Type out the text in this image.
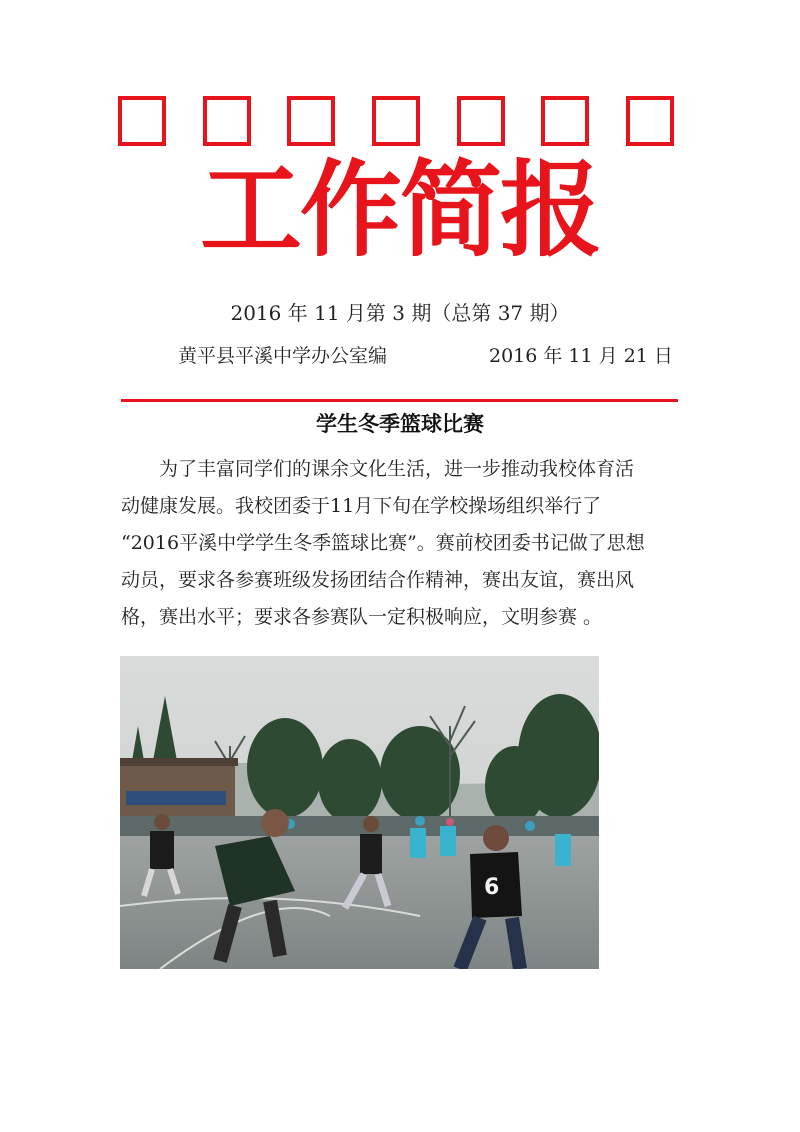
工作简报
2016 年 11 月第 3 期（总第 37 期）
黄平县平溪中学办公室编	2016 年 11 月 21 日
学生冬季篮球比赛

　　为了丰富同学们的课余文化生活，进一步推动我校体育活
动健康发展。我校团委于11月下旬在学校操场组织举行了
“2016平溪中学学生冬季篮球比赛”。赛前校团委书记做了思想
动员，要求各参赛班级发扬团结合作精神，赛出友谊，赛出风
格，赛出水平；要求各参赛队一定积极响应，文明参赛 。

6
